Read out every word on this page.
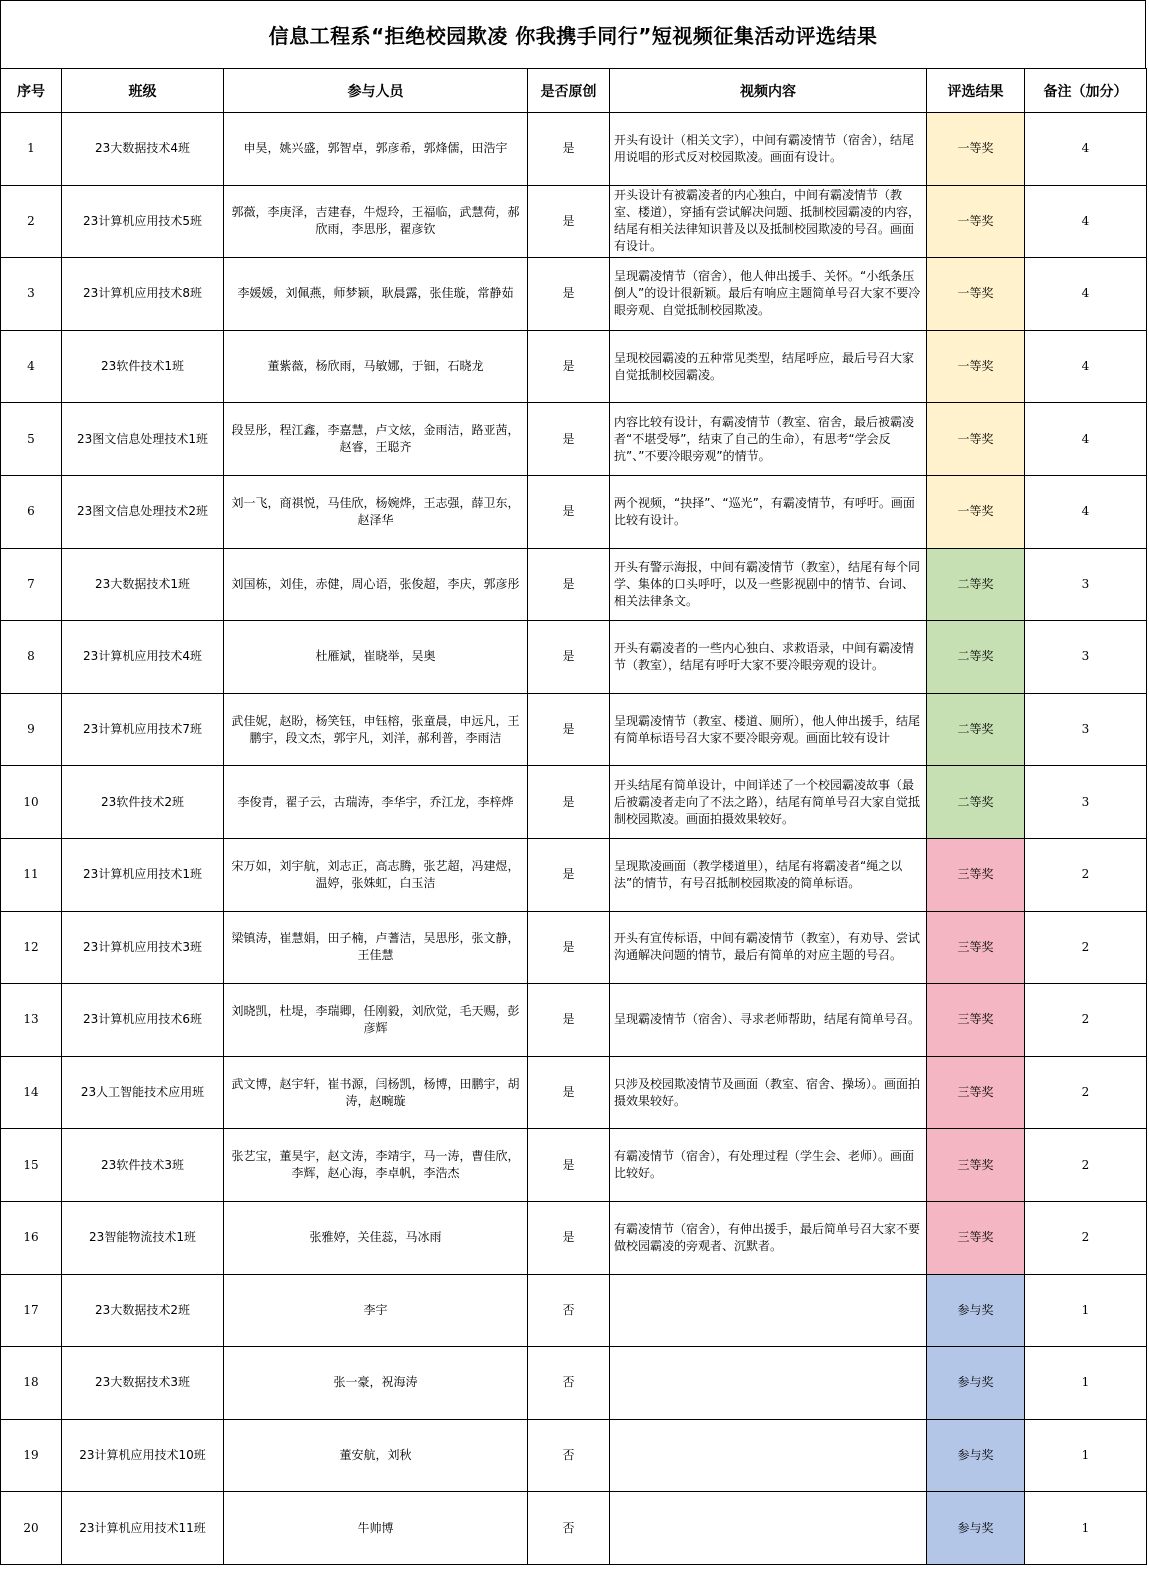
信息工程系“拒绝校园欺凌 你我携手同行”短视频征集活动评选结果
序号	班级	参与人员	是否原创	视频内容	评选结果	备注（加分）
1	23大数据技术4班	申昊，姚兴盛，郭智卓，郭彦希，郭烽儒，田浩宇	是	开头有设计（相关文字），中间有霸凌情节（宿舍），结尾用说唱的形式反对校园欺凌。画面有设计。	一等奖	4
2	23计算机应用技术5班	郭薇，李庚泽，吉建春，牛煜玲，王福临，武慧荷，郝欣雨，李思彤，翟彦钦	是	开头设计有被霸凌者的内心独白，中间有霸凌情节（教室、楼道），穿插有尝试解决问题、抵制校园霸凌的内容，结尾有相关法律知识普及以及抵制校园欺凌的号召。画面有设计。	一等奖	4
3	23计算机应用技术8班	李媛媛，刘佩燕，师梦颖，耿晨露，张佳璇，常静茹	是	呈现霸凌情节（宿舍），他人伸出援手、关怀。“小纸条压倒人”的设计很新颖。最后有响应主题简单号召大家不要冷眼旁观、自觉抵制校园欺凌。	一等奖	4
4	23软件技术1班	董紫薇，杨欣雨，马敏娜，于钿，石晓龙	是	呈现校园霸凌的五种常见类型，结尾呼应，最后号召大家自觉抵制校园霸凌。	一等奖	4
5	23图文信息处理技术1班	段昱彤，程江鑫，李嘉慧，卢文炫，金雨洁，路亚茜，赵睿，王聪齐	是	内容比较有设计，有霸凌情节（教室、宿舍，最后被霸凌者“不堪受辱”，结束了自己的生命），有思考“学会反抗”、”不要冷眼旁观”的情节。	一等奖	4
6	23图文信息处理技术2班	刘一飞，商祺悦，马佳欣，杨婉烨，王志强，薛卫东，赵泽华	是	两个视频，“抉择”、“巡光”，有霸凌情节，有呼吁。画面比较有设计。	一等奖	4
7	23大数据技术1班	刘国栋，刘佳，赤健，周心语，张俊超，李庆，郭彦彤	是	开头有警示海报，中间有霸凌情节（教室），结尾有每个同学、集体的口头呼吁，以及一些影视剧中的情节、台词、相关法律条文。	二等奖	3
8	23计算机应用技术4班	杜雁斌，崔晓举，吴奥	是	开头有霸凌者的一些内心独白、求救语录，中间有霸凌情节（教室），结尾有呼吁大家不要冷眼旁观的设计。	二等奖	3
9	23计算机应用技术7班	武佳妮，赵盼，杨笑钰，申钰榕，张童晨，申远凡，王鹏宇，段文杰，郭宇凡，刘洋，郝利普，李雨洁	是	呈现霸凌情节（教室、楼道、厕所），他人伸出援手，结尾有简单标语号召大家不要冷眼旁观。画面比较有设计	二等奖	3
10	23软件技术2班	李俊青，翟子云，古瑞涛，李华宇，乔江龙，李梓烨	是	开头结尾有简单设计，中间详述了一个校园霸凌故事（最后被霸凌者走向了不法之路），结尾有简单号召大家自觉抵制校园欺凌。画面拍摄效果较好。	二等奖	3
11	23计算机应用技术1班	宋万如，刘宇航，刘志正，高志腾，张艺超，冯建煜，温婷，张姝虹，白玉洁	是	呈现欺凌画面（教学楼道里），结尾有将霸凌者“绳之以法”的情节，有号召抵制校园欺凌的简单标语。	三等奖	2
12	23计算机应用技术3班	梁镇涛，崔慧娟，田子楠，卢蓍洁，吴思彤，张文静，王佳慧	是	开头有宣传标语，中间有霸凌情节（教室），有劝导、尝试沟通解决问题的情节，最后有简单的对应主题的号召。	三等奖	2
13	23计算机应用技术6班	刘晓凯，杜堤，李瑞卿，任刚毅，刘欣觉，毛天赐，彭彦辉	是	呈现霸凌情节（宿舍）、寻求老师帮助，结尾有简单号召。	三等奖	2
14	23人工智能技术应用班	武文博，赵宇轩，崔书源，闫杨凯，杨博，田鹏宇，胡涛，赵畹璇	是	只涉及校园欺凌情节及画面（教室、宿舍、操场）。画面拍摄效果较好。	三等奖	2
15	23软件技术3班	张艺宝，董昊宇，赵文涛，李靖宇，马一涛，曹佳欣，李辉，赵心海，李卓帆，李浩杰	是	有霸凌情节（宿舍），有处理过程（学生会、老师）。画面比较好。	三等奖	2
16	23智能物流技术1班	张雅婷，关佳蕊，马冰雨	是	有霸凌情节（宿舍），有伸出援手，最后简单号召大家不要做校园霸凌的旁观者、沉默者。	三等奖	2
17	23大数据技术2班	李宇	否		参与奖	1
18	23大数据技术3班	张一豪，祝海涛	否		参与奖	1
19	23计算机应用技术10班	董安航，刘秋	否		参与奖	1
20	23计算机应用技术11班	牛帅博	否		参与奖	1
